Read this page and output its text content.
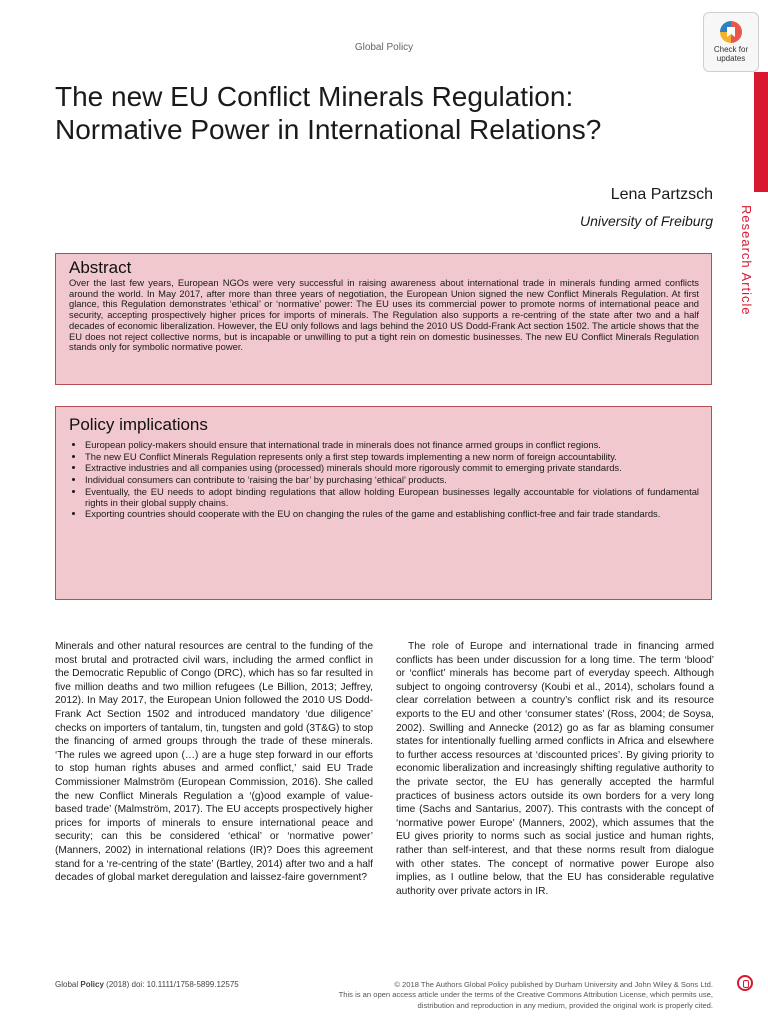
Global Policy	Check for
updates
Research Article
The new EU Conflict Minerals Regulation:
Normative Power in International Relations?
Lena Partzsch
University of Freiburg
Abstract
Over the last few years, European NGOs were very successful in raising awareness about international trade in minerals funding armed conflicts around the world. In May 2017, after more than three years of negotiation, the European Union signed the new Conflict Minerals Regulation. At first glance, this Regulation demonstrates ‘ethical’ or ‘normative’ power: The EU uses its commercial power to promote norms of international peace and security, accepting prospectively higher prices for imports of minerals. The Regulation also supports a re-centring of the state after two and a half decades of economic liberalization. However, the EU only follows and lags behind the 2010 US Dodd-Frank Act section 1502. The article shows that the EU does not reject collective norms, but is incapable or unwilling to put a tight rein on domestic businesses. The new EU Conflict Minerals Regulation stands only for symbolic normative power.
Policy implications
• European policy-makers should ensure that international trade in minerals does not finance armed groups in conflict regions.
• The new EU Conflict Minerals Regulation represents only a first step towards implementing a new norm of foreign accountability.
• Extractive industries and all companies using (processed) minerals should more rigorously commit to emerging private standards.
• Individual consumers can contribute to ‘raising the bar’ by purchasing ‘ethical’ products.
• Eventually, the EU needs to adopt binding regulations that allow holding European businesses legally accountable for violations of fundamental rights in their global supply chains.
• Exporting countries should cooperate with the EU on changing the rules of the game and establishing conflict-free and fair trade standards.

Minerals and other natural resources are central to the funding of the most brutal and protracted civil wars, including the armed conflict in the Democratic Republic of Congo (DRC), which has so far resulted in five million deaths and two million refugees (Le Billion, 2013; Jeffrey, 2012). In May 2017, the European Union followed the 2010 US Dodd-Frank Act Section 1502 and introduced mandatory ‘due diligence’ checks on importers of tantalum, tin, tungsten and gold (3T&G) to stop the financing of armed groups through the trade of these minerals. ‘The rules we agreed upon (…) are a huge step forward in our efforts to stop human rights abuses and armed conflict,’ said EU Trade Commissioner Malmström (European Commission, 2016). She called the new Conflict Minerals Regulation a ‘(g)ood example of value-based trade’ (Malmström, 2017). The EU accepts prospectively higher prices for imports of minerals to ensure international peace and security; can this be considered ‘ethical’ or ‘normative power’ (Manners, 2002) in international relations (IR)? Does this agreement stand for a ‘re-centring of the state’ (Bartley, 2014) after two and a half decades of global market deregulation and laissez-faire government?

The role of Europe and international trade in financing armed conflicts has been under discussion for a long time. The term ‘blood’ or ‘conflict’ minerals has become part of everyday speech. Although subject to ongoing controversy (Koubi et al., 2014), scholars found a clear correlation between a country’s conflict risk and its resource exports to the EU and other ‘consumer states’ (Ross, 2004; de Soysa, 2002). Swilling and Annecke (2012) go as far as blaming consumer states for intentionally fuelling armed conflicts in Africa and elsewhere to further access resources at ‘discounted prices’. By giving priority to economic liberalization and increasingly shifting regulative authority to the private sector, the EU has generally accepted the harmful practices of business actors outside its own borders for a very long time (Sachs and Santarius, 2007). This contrasts with the concept of ‘normative power Europe’ (Manners, 2002), which assumes that the EU gives priority to norms such as social justice and human rights, rather than self-interest, and that these norms result from dialogue with other states. The concept of normative power Europe also implies, as I outline below, that the EU has considerable regulative authority over private actors in IR.

Global Policy (2018) doi: 10.1111/1758-5899.12575	© 2018 The Authors Global Policy published by Durham University and John Wiley & Sons Ltd.
This is an open access article under the terms of the Creative Commons Attribution License, which permits use,
distribution and reproduction in any medium, provided the original work is properly cited.
